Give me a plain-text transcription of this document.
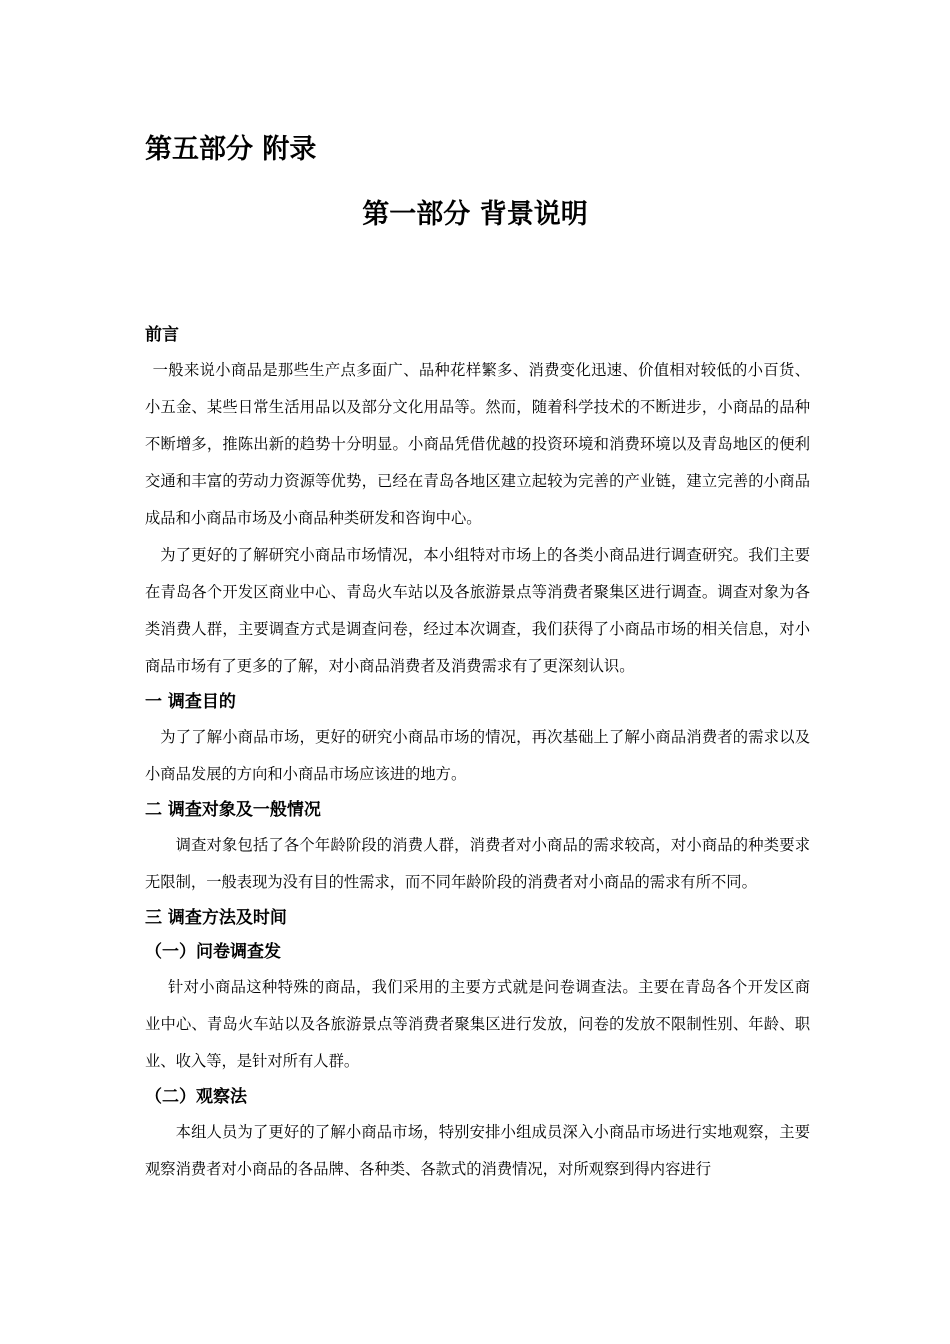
第五部分 附录
第一部分 背景说明
前言

一般来说小商品是那些生产点多面广、品种花样繁多、消费变化迅速、价值相对较低的小百货、小五金、某些日常生活用品以及部分文化用品等。然而，随着科学技术的不断进步，小商品的品种不断增多，推陈出新的趋势十分明显。小商品凭借优越的投资环境和消费环境以及青岛地区的便利交通和丰富的劳动力资源等优势，已经在青岛各地区建立起较为完善的产业链，建立完善的小商品成品和小商品市场及小商品种类研发和咨询中心。

为了更好的了解研究小商品市场情况，本小组特对市场上的各类小商品进行调查研究。我们主要在青岛各个开发区商业中心、青岛火车站以及各旅游景点等消费者聚集区进行调查。调查对象为各类消费人群，主要调查方式是调查问卷，经过本次调查，我们获得了小商品市场的相关信息，对小商品市场有了更多的了解，对小商品消费者及消费需求有了更深刻认识。

一 调查目的

为了了解小商品市场，更好的研究小商品市场的情况，再次基础上了解小商品消费者的需求以及小商品发展的方向和小商品市场应该进的地方。

二 调查对象及一般情况

调查对象包括了各个年龄阶段的消费人群，消费者对小商品的需求较高，对小商品的种类要求无限制，一般表现为没有目的性需求，而不同年龄阶段的消费者对小商品的需求有所不同。

三 调查方法及时间
（一）问卷调查发

针对小商品这种特殊的商品，我们采用的主要方式就是问卷调查法。主要在青岛各个开发区商业中心、青岛火车站以及各旅游景点等消费者聚集区进行发放，问卷的发放不限制性别、年龄、职业、收入等，是针对所有人群。

（二）观察法

本组人员为了更好的了解小商品市场，特别安排小组成员深入小商品市场进行实地观察，主要观察消费者对小商品的各品牌、各种类、各款式的消费情况，对所观察到得内容进行
